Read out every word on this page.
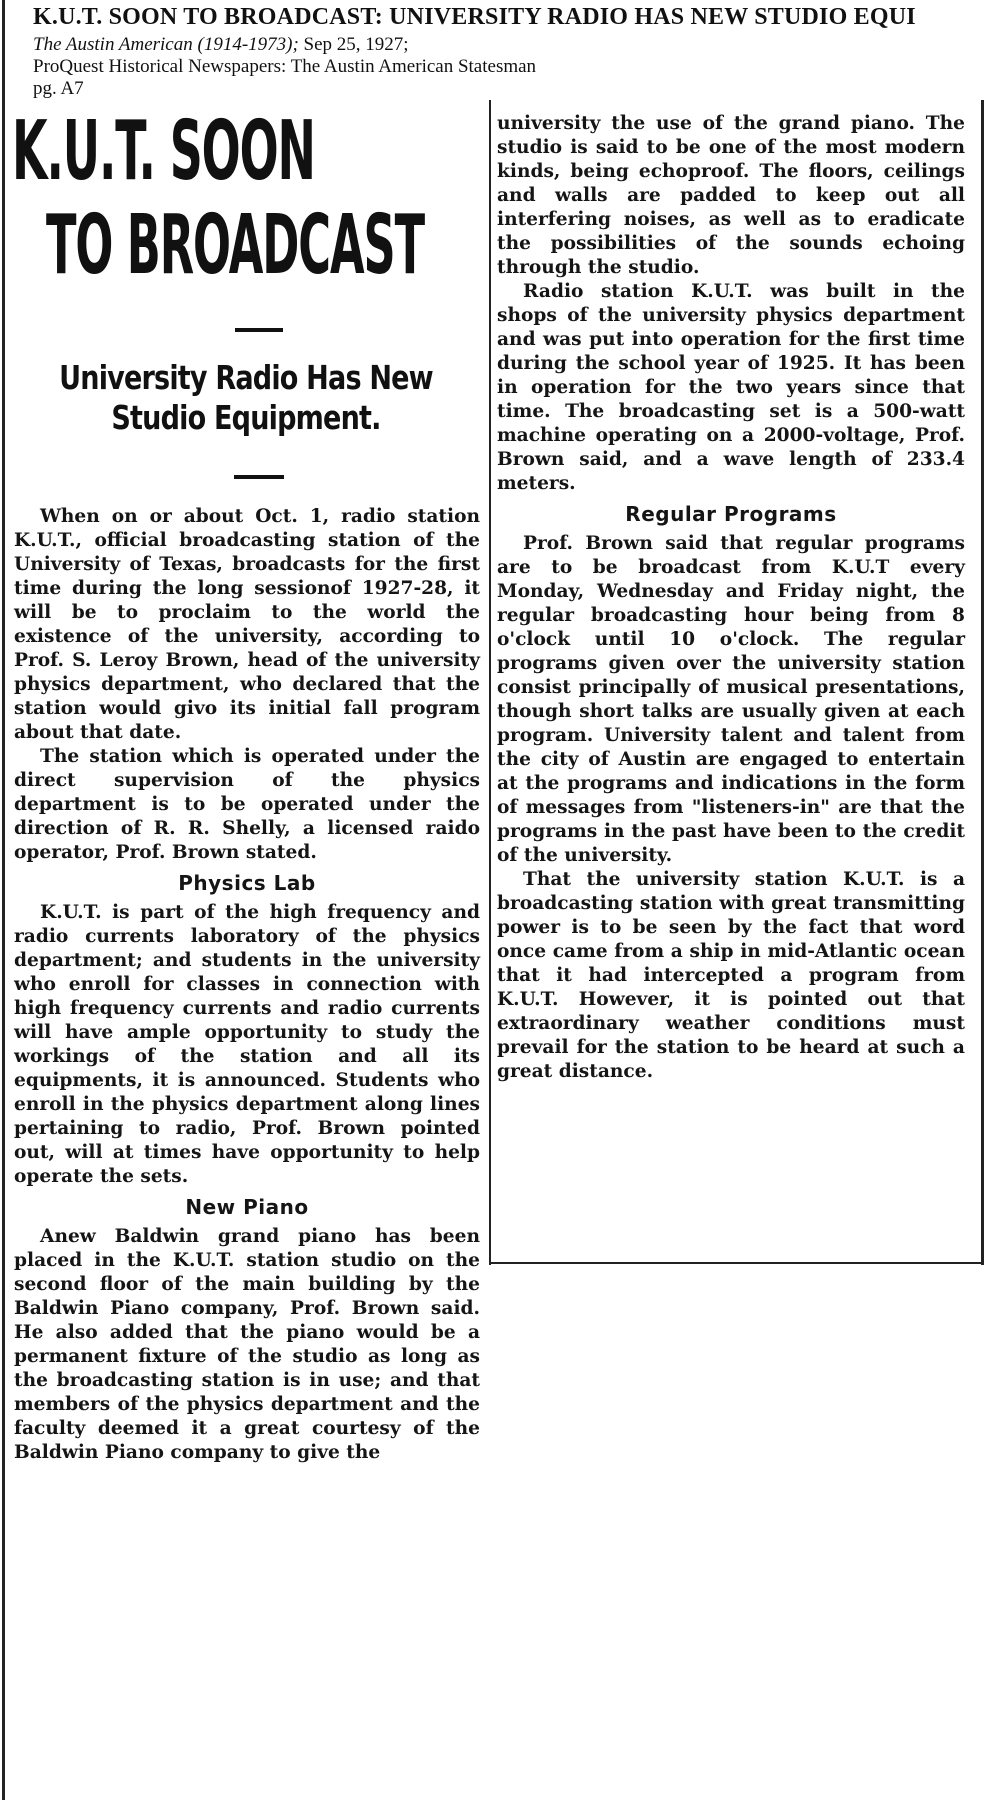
K.U.T. SOON TO BROADCAST: UNIVERSITY RADIO HAS NEW STUDIO EQUI
The Austin American (1914-1973); Sep 25, 1927;
ProQuest Historical Newspapers: The Austin American Statesman
pg. A7
K.U.T. SOON
TO BROADCAST
University Radio Has New
Studio Equipment.

When on or about Oct. 1, radio station K.U.T., official broadcasting station of the University of Texas, broadcasts for the first time during the long sessionof 1927-28, it will be to proclaim to the world the existence of the university, according to Prof. S. Leroy Brown, head of the university physics department, who declared that the station would givo its initial fall program about that date.

The station which is operated under the direct supervision of the physics department is to be operated under the direction of R. R. Shelly, a licensed raido operator, Prof. Brown stated.

Physics Lab

K.U.T. is part of the high frequency and radio currents laboratory of the physics department; and students in the university who enroll for classes in connection with high frequency currents and radio currents will have ample opportunity to study the workings of the station and all its equipments, it is announced. Students who enroll in the physics department along lines pertaining to radio, Prof. Brown pointed out, will at times have opportunity to help operate the sets.

New Piano

Anew Baldwin grand piano has been placed in the K.U.T. station studio on the second floor of the main building by the Baldwin Piano company, Prof. Brown said. He also added that the piano would be a permanent fixture of the studio as long as the broadcasting station is in use; and that members of the physics department and the faculty deemed it a great courtesy of the Baldwin Piano company to give the

university the use of the grand piano. The studio is said to be one of the most modern kinds, being echoproof. The floors, ceilings and walls are padded to keep out all interfering noises, as well as to eradicate the possibilities of the sounds echoing through the studio.

Radio station K.U.T. was built in the shops of the university physics department and was put into operation for the first time during the school year of 1925. It has been in operation for the two years since that time. The broadcasting set is a 500-watt machine operating on a 2000-voltage, Prof. Brown said, and a wave length of 233.4 meters.

Regular Programs

Prof. Brown said that regular programs are to be broadcast from K.U.T every Monday, Wednesday and Friday night, the regular broadcasting hour being from 8 o'clock until 10 o'clock. The regular programs given over the university station consist principally of musical presentations, though short talks are usually given at each program. University talent and talent from the city of Austin are engaged to entertain at the programs and indications in the form of messages from "listeners-in" are that the programs in the past have been to the credit of the university.

That the university station K.U.T. is a broadcasting station with great transmitting power is to be seen by the fact that word once came from a ship in mid-Atlantic ocean that it had intercepted a program from K.U.T. However, it is pointed out that extraordinary weather conditions must prevail for the station to be heard at such a great distance.
